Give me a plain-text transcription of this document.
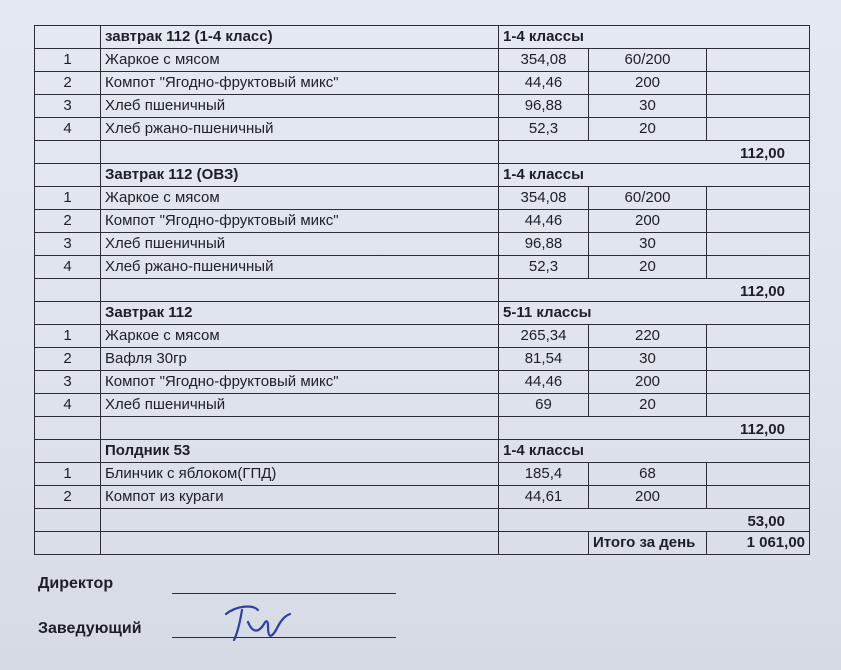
	завтрак 112 (1-4 класс)	1-4 классы		
1	Жаркое с мясом	354,08	60/200	
2	Компот "Ягодно-фруктовый микс"	44,46	200	
3	Хлеб пшеничный	96,88	30	
4	Хлеб ржано-пшеничный	52,3	20	
		112,00		
	Завтрак 112 (ОВЗ)	1-4 классы		
1	Жаркое с мясом	354,08	60/200	
2	Компот "Ягодно-фруктовый микс"	44,46	200	
3	Хлеб пшеничный	96,88	30	
4	Хлеб ржано-пшеничный	52,3	20	
		112,00		
	Завтрак 112	5-11 классы		
1	Жаркое с мясом	265,34	220	
2	Вафля 30гр	81,54	30	
3	Компот "Ягодно-фруктовый микс"	44,46	200	
4	Хлеб пшеничный	69	20	
		112,00		
	Полдник 53	1-4 классы		
1	Блинчик с яблоком(ГПД)	185,4	68	
2	Компот из кураги	44,61	200	
		53,00		
			Итого за день	1 061,00
Директор
Заведующий
